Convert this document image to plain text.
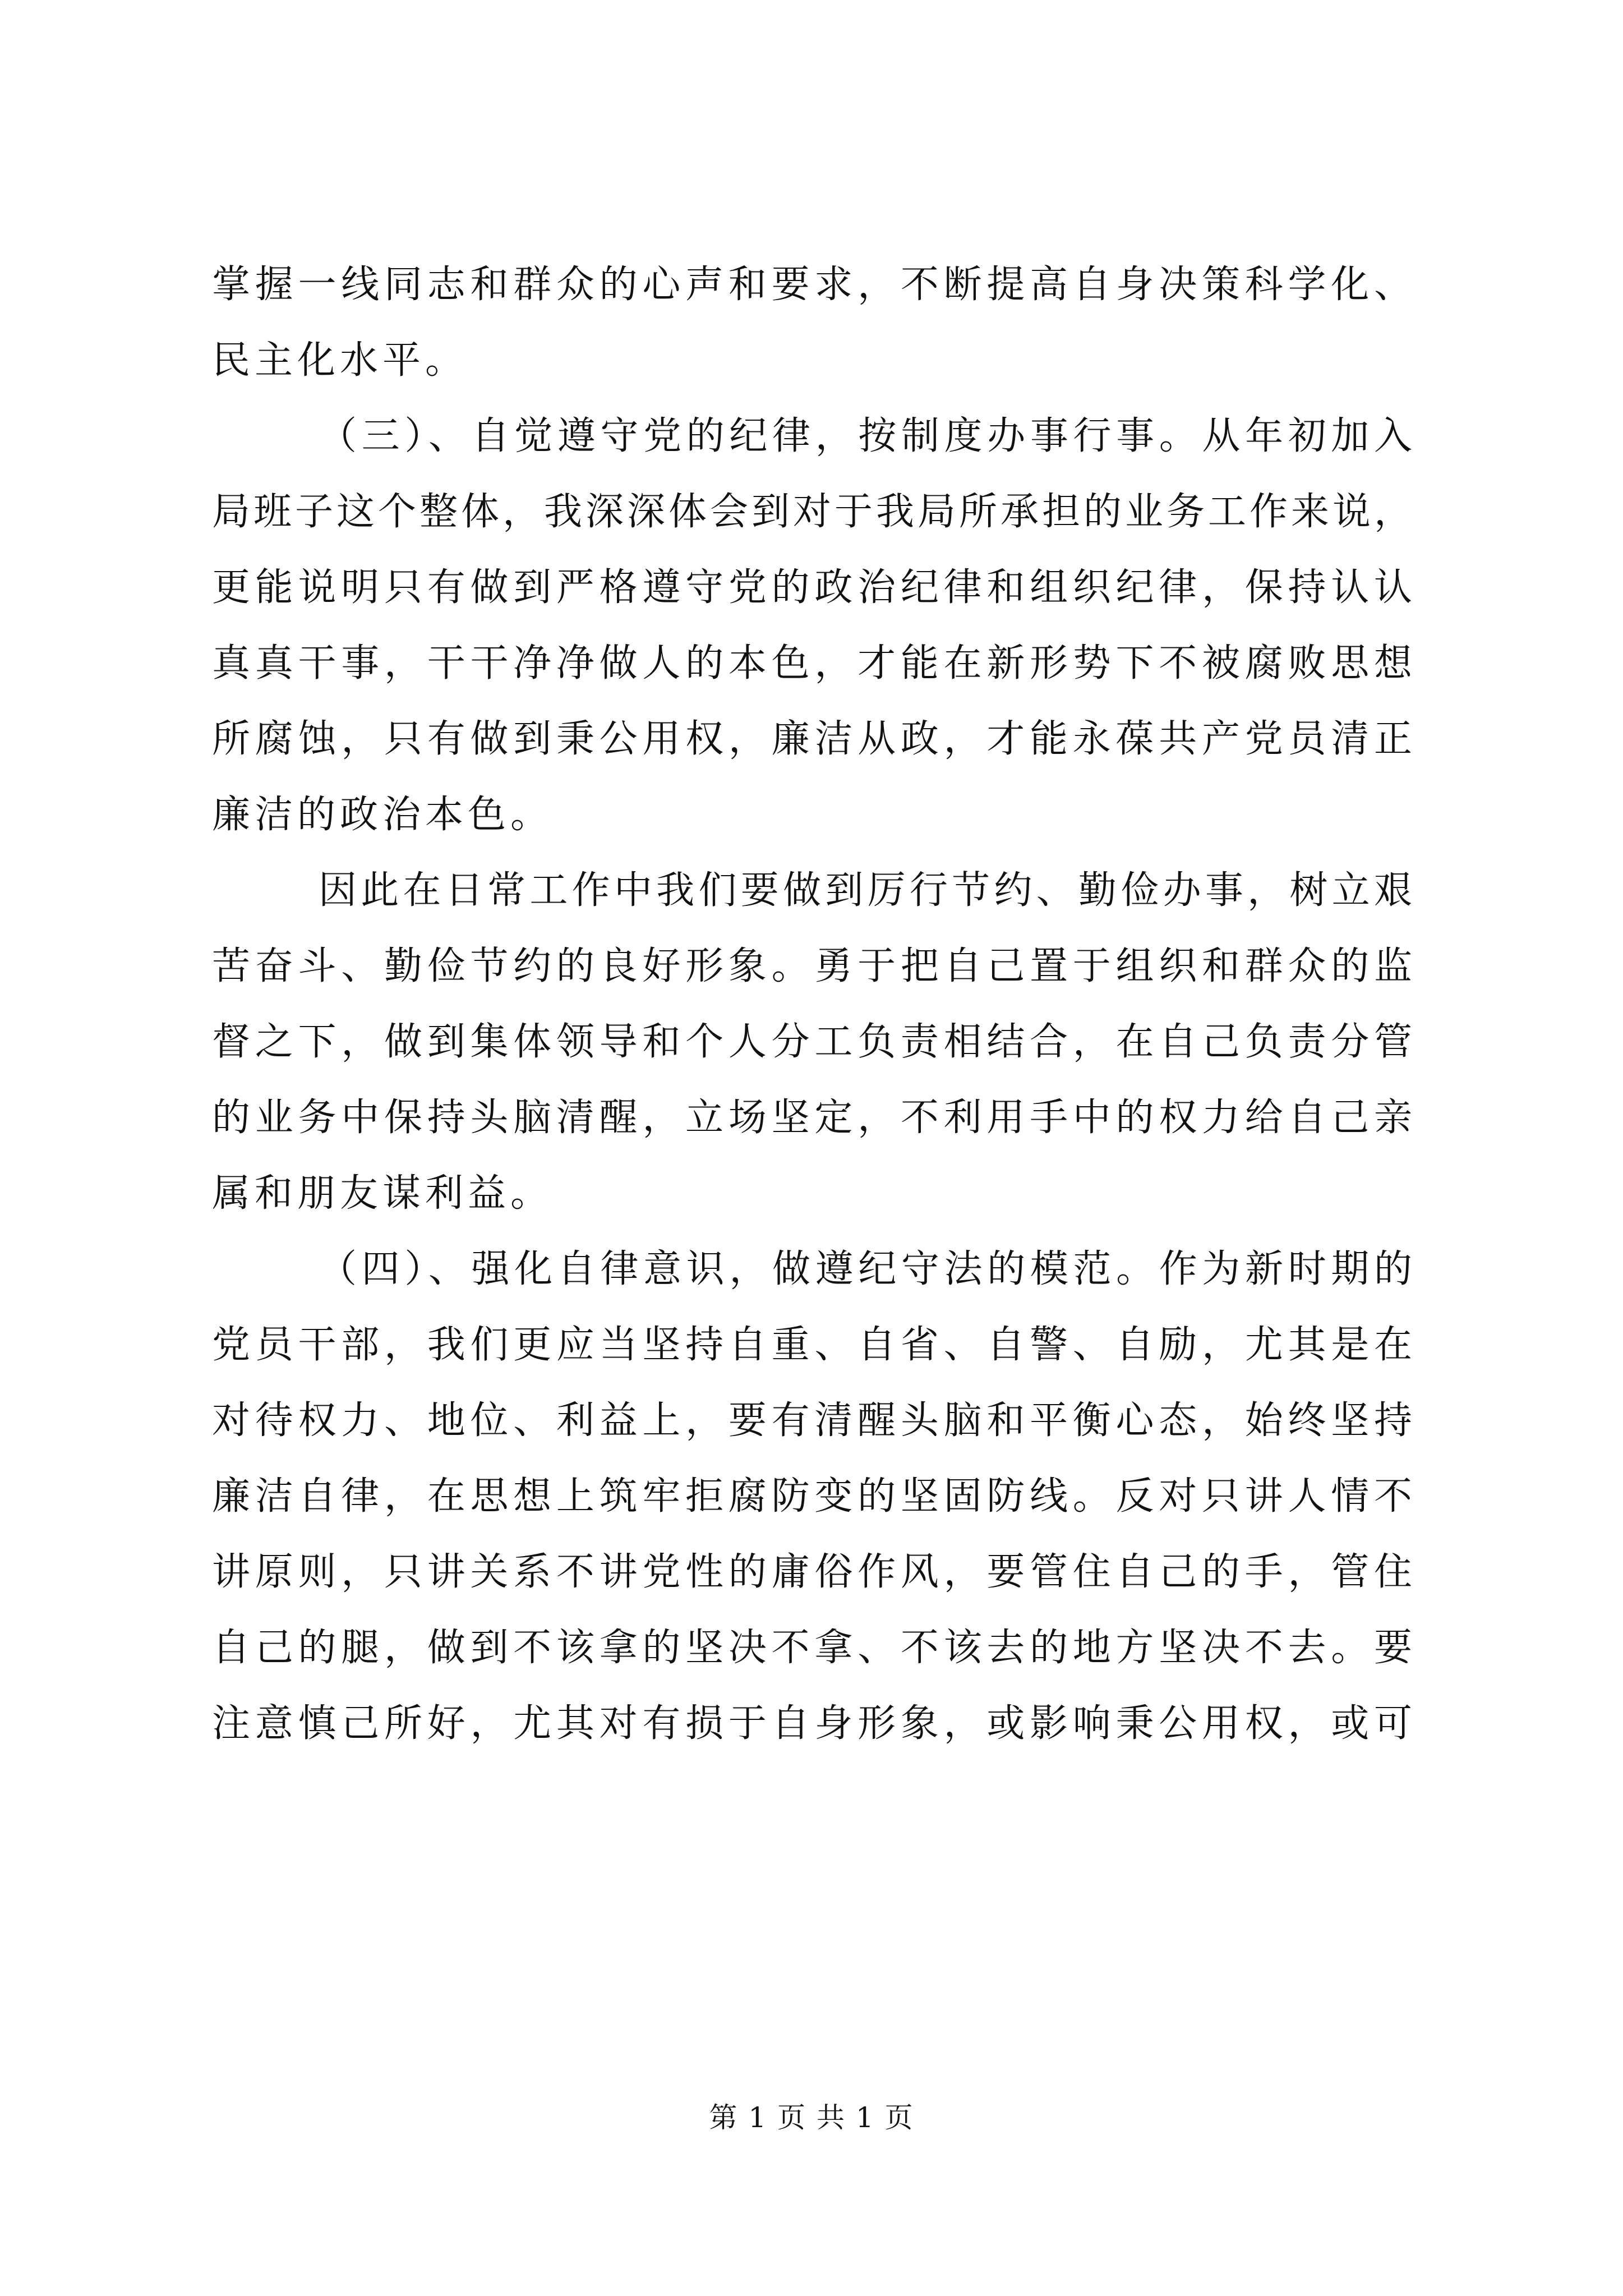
掌握一线同志和群众的心声和要求，不断提高自身决策科学化、
民主化水平。
（三）、自觉遵守党的纪律，按制度办事行事。从年初加入
局班子这个整体，我深深体会到对于我局所承担的业务工作来说，
更能说明只有做到严格遵守党的政治纪律和组织纪律，保持认认
真真干事，干干净净做人的本色，才能在新形势下不被腐败思想
所腐蚀，只有做到秉公用权，廉洁从政，才能永葆共产党员清正
廉洁的政治本色。
因此在日常工作中我们要做到厉行节约、勤俭办事，树立艰
苦奋斗、勤俭节约的良好形象。勇于把自己置于组织和群众的监
督之下，做到集体领导和个人分工负责相结合，在自己负责分管
的业务中保持头脑清醒，立场坚定，不利用手中的权力给自己亲
属和朋友谋利益。
（四）、强化自律意识，做遵纪守法的模范。作为新时期的
党员干部，我们更应当坚持自重、自省、自警、自励，尤其是在
对待权力、地位、利益上，要有清醒头脑和平衡心态，始终坚持
廉洁自律，在思想上筑牢拒腐防变的坚固防线。反对只讲人情不
讲原则，只讲关系不讲党性的庸俗作风，要管住自己的手，管住
自己的腿，做到不该拿的坚决不拿、不该去的地方坚决不去。要
注意慎己所好，尤其对有损于自身形象，或影响秉公用权，或可
第 1 页 共 1 页
